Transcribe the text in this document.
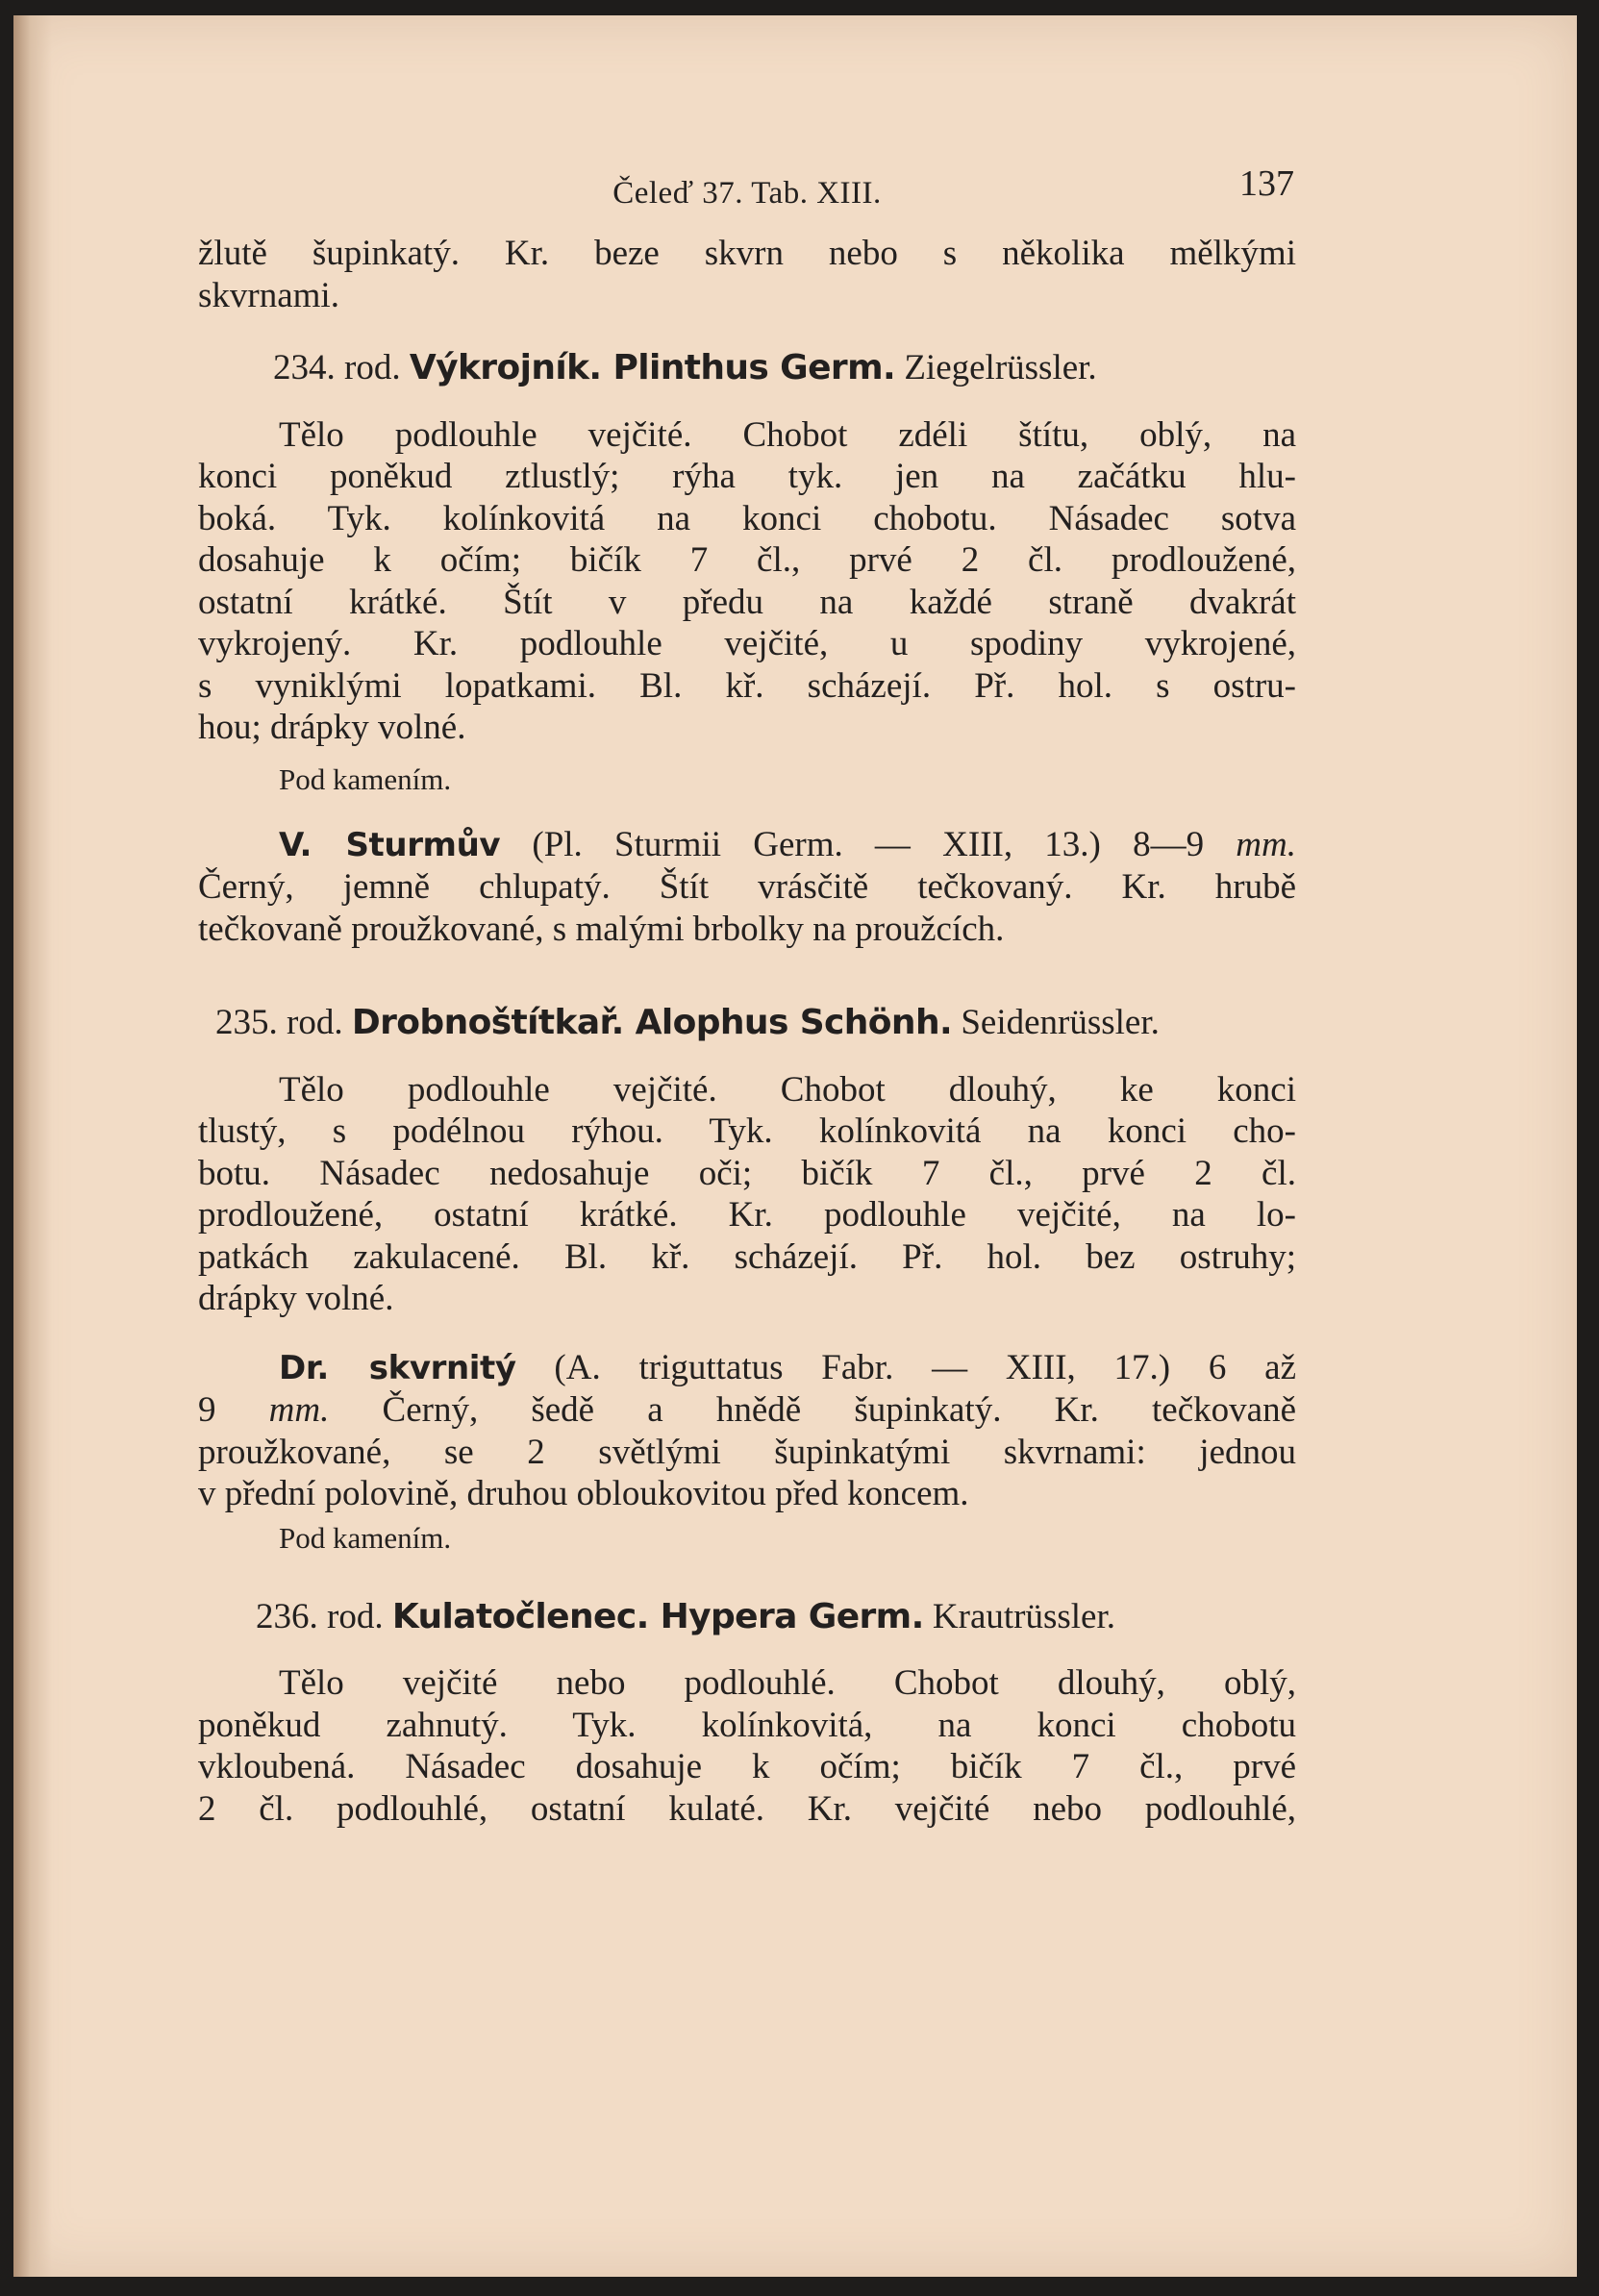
Čeleď 37. Tab. XIII.	137

žlutě šupinkatý. Kr. beze skvrn nebo s několika mělkými

skvrnami.

234. rod. Výkrojník. Plinthus Germ. Ziegelrüssler.

Tělo podlouhle vejčité. Chobot zdéli štítu, oblý, na

konci poněkud ztlustlý; rýha tyk. jen na začátku hlu-

boká. Tyk. kolínkovitá na konci chobotu. Násadec sotva

dosahuje k očím; bičík 7 čl., prvé 2 čl. prodloužené,

ostatní krátké. Štít v předu na každé straně dvakrát

vykrojený. Kr. podlouhle vejčité, u spodiny vykrojené,

s vyniklými lopatkami. Bl. kř. scházejí. Př. hol. s ostru-

hou; drápky volné.

Pod kamením.

V. Sturmův (Pl. Sturmii Germ. — XIII, 13.) 8—9 mm.

Černý, jemně chlupatý. Štít vrásčitě tečkovaný. Kr. hrubě

tečkovaně proužkované, s malými brbolky na proužcích.

235. rod. Drobnoštítkař. Alophus Schönh. Seidenrüssler.

Tělo podlouhle vejčité. Chobot dlouhý, ke konci

tlustý, s podélnou rýhou. Tyk. kolínkovitá na konci cho-

botu. Násadec nedosahuje oči; bičík 7 čl., prvé 2 čl.

prodloužené, ostatní krátké. Kr. podlouhle vejčité, na lo-

patkách zakulacené. Bl. kř. scházejí. Př. hol. bez ostruhy;

drápky volné.

Dr. skvrnitý (A. triguttatus Fabr. — XIII, 17.) 6 až

9 mm. Černý, šedě a hnědě šupinkatý. Kr. tečkovaně

proužkované, se 2 světlými šupinkatými skvrnami: jednou

v přední polovině, druhou obloukovitou před koncem.

Pod kamením.
236. rod. Kulatočlenec. Hypera Germ. Krautrüssler.

Tělo vejčité nebo podlouhlé. Chobot dlouhý, oblý,

poněkud zahnutý. Tyk. kolínkovitá, na konci chobotu

vkloubená. Násadec dosahuje k očím; bičík 7 čl., prvé

2 čl. podlouhlé, ostatní kulaté. Kr. vejčité nebo podlouhlé,
